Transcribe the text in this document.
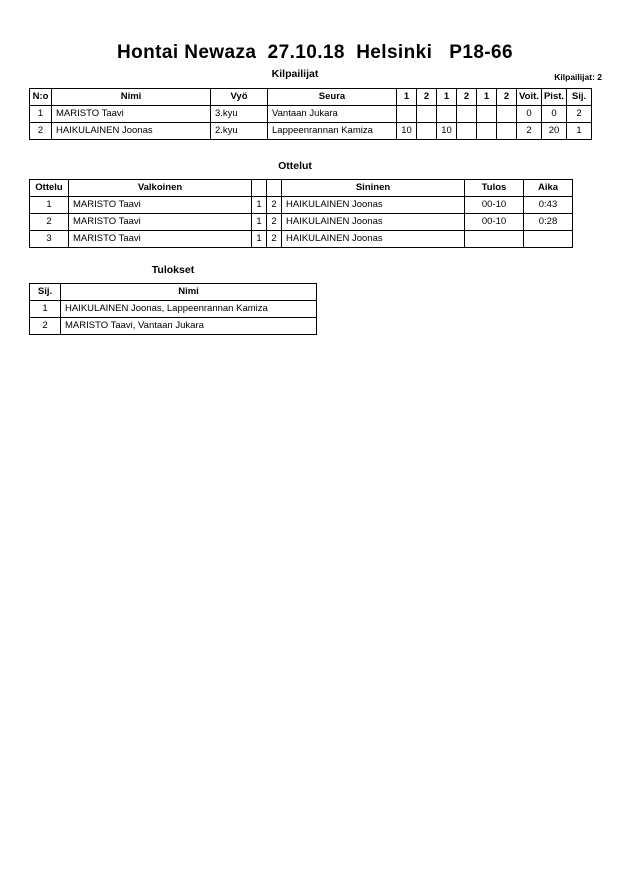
Hontai Newaza  27.10.18  Helsinki   P18-66
Kilpailijat	Kilpailijat: 2
N:o	Nimi	Vyö	Seura	1	2	1	2	1	2	Voit.	Pist.	Sij.
1	MARISTO Taavi	3.kyu	Vantaan Jukara							0	0	2
2	HAIKULAINEN Joonas	2.kyu	Lappeenrannan Kamiza	10		10				2	20	1
Ottelut
Ottelu	Valkoinen			Sininen	Tulos	Aika
1	MARISTO Taavi	1	2	HAIKULAINEN Joonas	00-10	0:43
2	MARISTO Taavi	1	2	HAIKULAINEN Joonas	00-10	0:28
3	MARISTO Taavi	1	2	HAIKULAINEN Joonas		
Tulokset
Sij.	Nimi
1	HAIKULAINEN Joonas, Lappeenrannan Kamiza
2	MARISTO Taavi, Vantaan Jukara
